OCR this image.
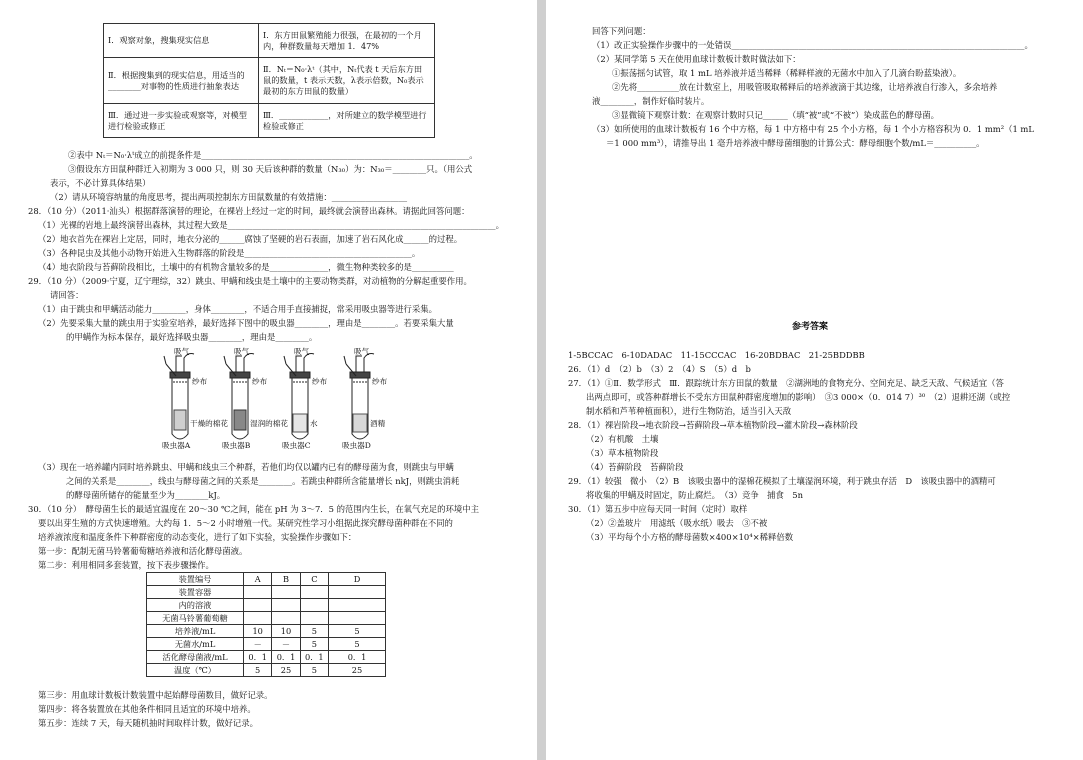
Ⅰ．观察对象，搜集现实信息	Ⅰ．东方田鼠繁殖能力很强，在最初的一个月内，种群数量每天增加 1．47%
Ⅱ．根据搜集到的现实信息，用适当的________对事物的性质进行抽象表达	Ⅱ．Nₜ＝N₀·λᵗ（其中，Nₜ代表 t 天后东方田鼠的数量，t 表示天数，λ表示倍数，N₀表示最初的东方田鼠的数量）
Ⅲ．通过进一步实验或观察等，对模型进行检验或修正	Ⅲ．____________，对所建立的数学模型进行检验或修正
②表中 Nₜ＝N₀·λᵗ成立的前提条件是________________________________________________________________。
③假设东方田鼠种群迁入初期为 3 000 只，则 30 天后该种群的数量（N₃₀）为：N₃₀＝________只。（用公式
表示，不必计算具体结果）
（2）请从环境容纳量的角度思考，提出两项控制东方田鼠数量的有效措施：__________________
28．（10 分）（2011·汕头）根据群落演替的理论，在裸岩上经过一定的时间，最终就会演替出森林。请据此回答问题：
（1）光裸的岩地上最终演替出森林，其过程大致是________________________________________________________________。
（2）地衣首先在裸岩上定居，同时，地衣分泌的______腐蚀了坚硬的岩石表面，加速了岩石风化成______的过程。
（3）各种昆虫及其他小动物开始进入生物群落的阶段是________________________________________。
（4）地衣阶段与苔藓阶段相比，土壤中的有机物含量较多的是______________，微生物种类较多的是__________
29．（10 分）（2009·宁夏，辽宁理综，32）跳虫、甲螨和线虫是土壤中的主要动物类群，对动植物的分解起重要作用。
请回答：
（1）由于跳虫和甲螨活动能力________，身体________，不适合用手直接捕捉，常采用吸虫器等进行采集。
（2）先要采集大量的跳虫用于实验室培养，最好选择下图中的吸虫器________，理由是________。若要采集大量
的甲螨作为标本保存，最好选择吸虫器________，理由是________。
吸气	吸气	吸气	吸气
纱布	纱布	纱布	纱布
干燥的棉花	湿润的棉花	水	酒精
吸虫器A	吸虫器B	吸虫器C	吸虫器D
（3）现在一培养罐内同时培养跳虫、甲螨和线虫三个种群，若他们均仅以罐内已有的酵母菌为食，则跳虫与甲螨
之间的关系是________，线虫与酵母菌之间的关系是________。若跳虫种群所含能量增长 nkJ，则跳虫消耗
的酵母菌所储存的能量至少为________kJ。
30．（10 分）　酵母菌生长的最适宜温度在 20～30 ℃之间，能在 pH 为 3～7．5 的范围内生长，在氧气充足的环境中主
要以出芽生殖的方式快速增殖。大约每 1．5～2 小时增殖一代。某研究性学习小组据此探究酵母菌种群在不同的
培养液浓度和温度条件下种群密度的动态变化，进行了如下实验，实验操作步骤如下：
第一步：配制无菌马铃薯葡萄糖培养液和活化酵母菌液。
第二步：利用相同多套装置，按下表步骤操作。
装置编号	A	B	C	D
装置容器				
内的溶液				
无菌马铃薯葡萄糖				
培养液/mL	10	10	5	5
无菌水/mL	－	－	5	5
活化酵母菌液/mL	0．1	0．1	0．1	0．1
温度（℃）	5	25	5	25
第三步：用血球计数板计数装置中起始酵母菌数目，做好记录。
第四步：将各装置放在其他条件相同且适宜的环境中培养。
第五步：连续 7 天，每天随机抽时间取样计数，做好记录。
回答下列问题：
（1）改正实验操作步骤中的一处错误______________________________________________________________________。
（2）某同学第 5 天在使用血球计数板计数时做法如下：
①振荡摇匀试管，取 1 mL 培养液并适当稀释（稀释样液的无菌水中加入了几滴台盼蓝染液）。
②先将__________放在计数室上，用吸管吸取稀释后的培养液滴于其边缘，让培养液自行渗入，多余培养
液________，制作好临时装片。
③显微镜下观察计数：在观察计数时只记______（填“被”或“不被”）染成蓝色的酵母菌。
（3）如所使用的血球计数板有 16 个中方格，每 1 中方格中有 25 个小方格，每 1 个小方格容积为 0．1 mm²（1 mL
＝1 000 mm³），请推导出 1 毫升培养液中酵母菌细胞的计算公式：酵母细胞个数/mL＝__________。
参考答案
1-5BCCAC　6-10DADAC　11-15CCCAC　16-20BDBAC　21-25BDDBB
26．（1）d　（2）b　（3）2　（4）S　（5）d　b
27．（1）①Ⅱ．数学形式　Ⅲ．跟踪统计东方田鼠的数量　②湖洲地的食物充分、空间充足、缺乏天敌、气候适宜（答
出两点即可，或答种群增长不受东方田鼠种群密度增加的影响）　③3 000×（0．014 7）³⁰　（2）退耕还湖（或控
制水稻和芦苇种植面积），进行生物防治，适当引入天敌
28．（1）裸岩阶段→地衣阶段→苔藓阶段→草本植物阶段→灌木阶段→森林阶段
（2）有机酸　土壤
（3）草本植物阶段
（4）苔藓阶段　苔藓阶段
29．（1）较强　微小　（2）B　该吸虫器中的湿棉花模拟了土壤湿润环境，利于跳虫存活　D　该吸虫器中的酒精可
将收集的甲螨及时固定，防止腐烂。　（3）竞争　捕食　5n
30．（1）第五步中应每天同一时间（定时）取样
（2）②盖玻片　用滤纸（吸水纸）吸去　③不被
（3）平均每个小方格的酵母菌数×400×10⁴×稀释倍数
